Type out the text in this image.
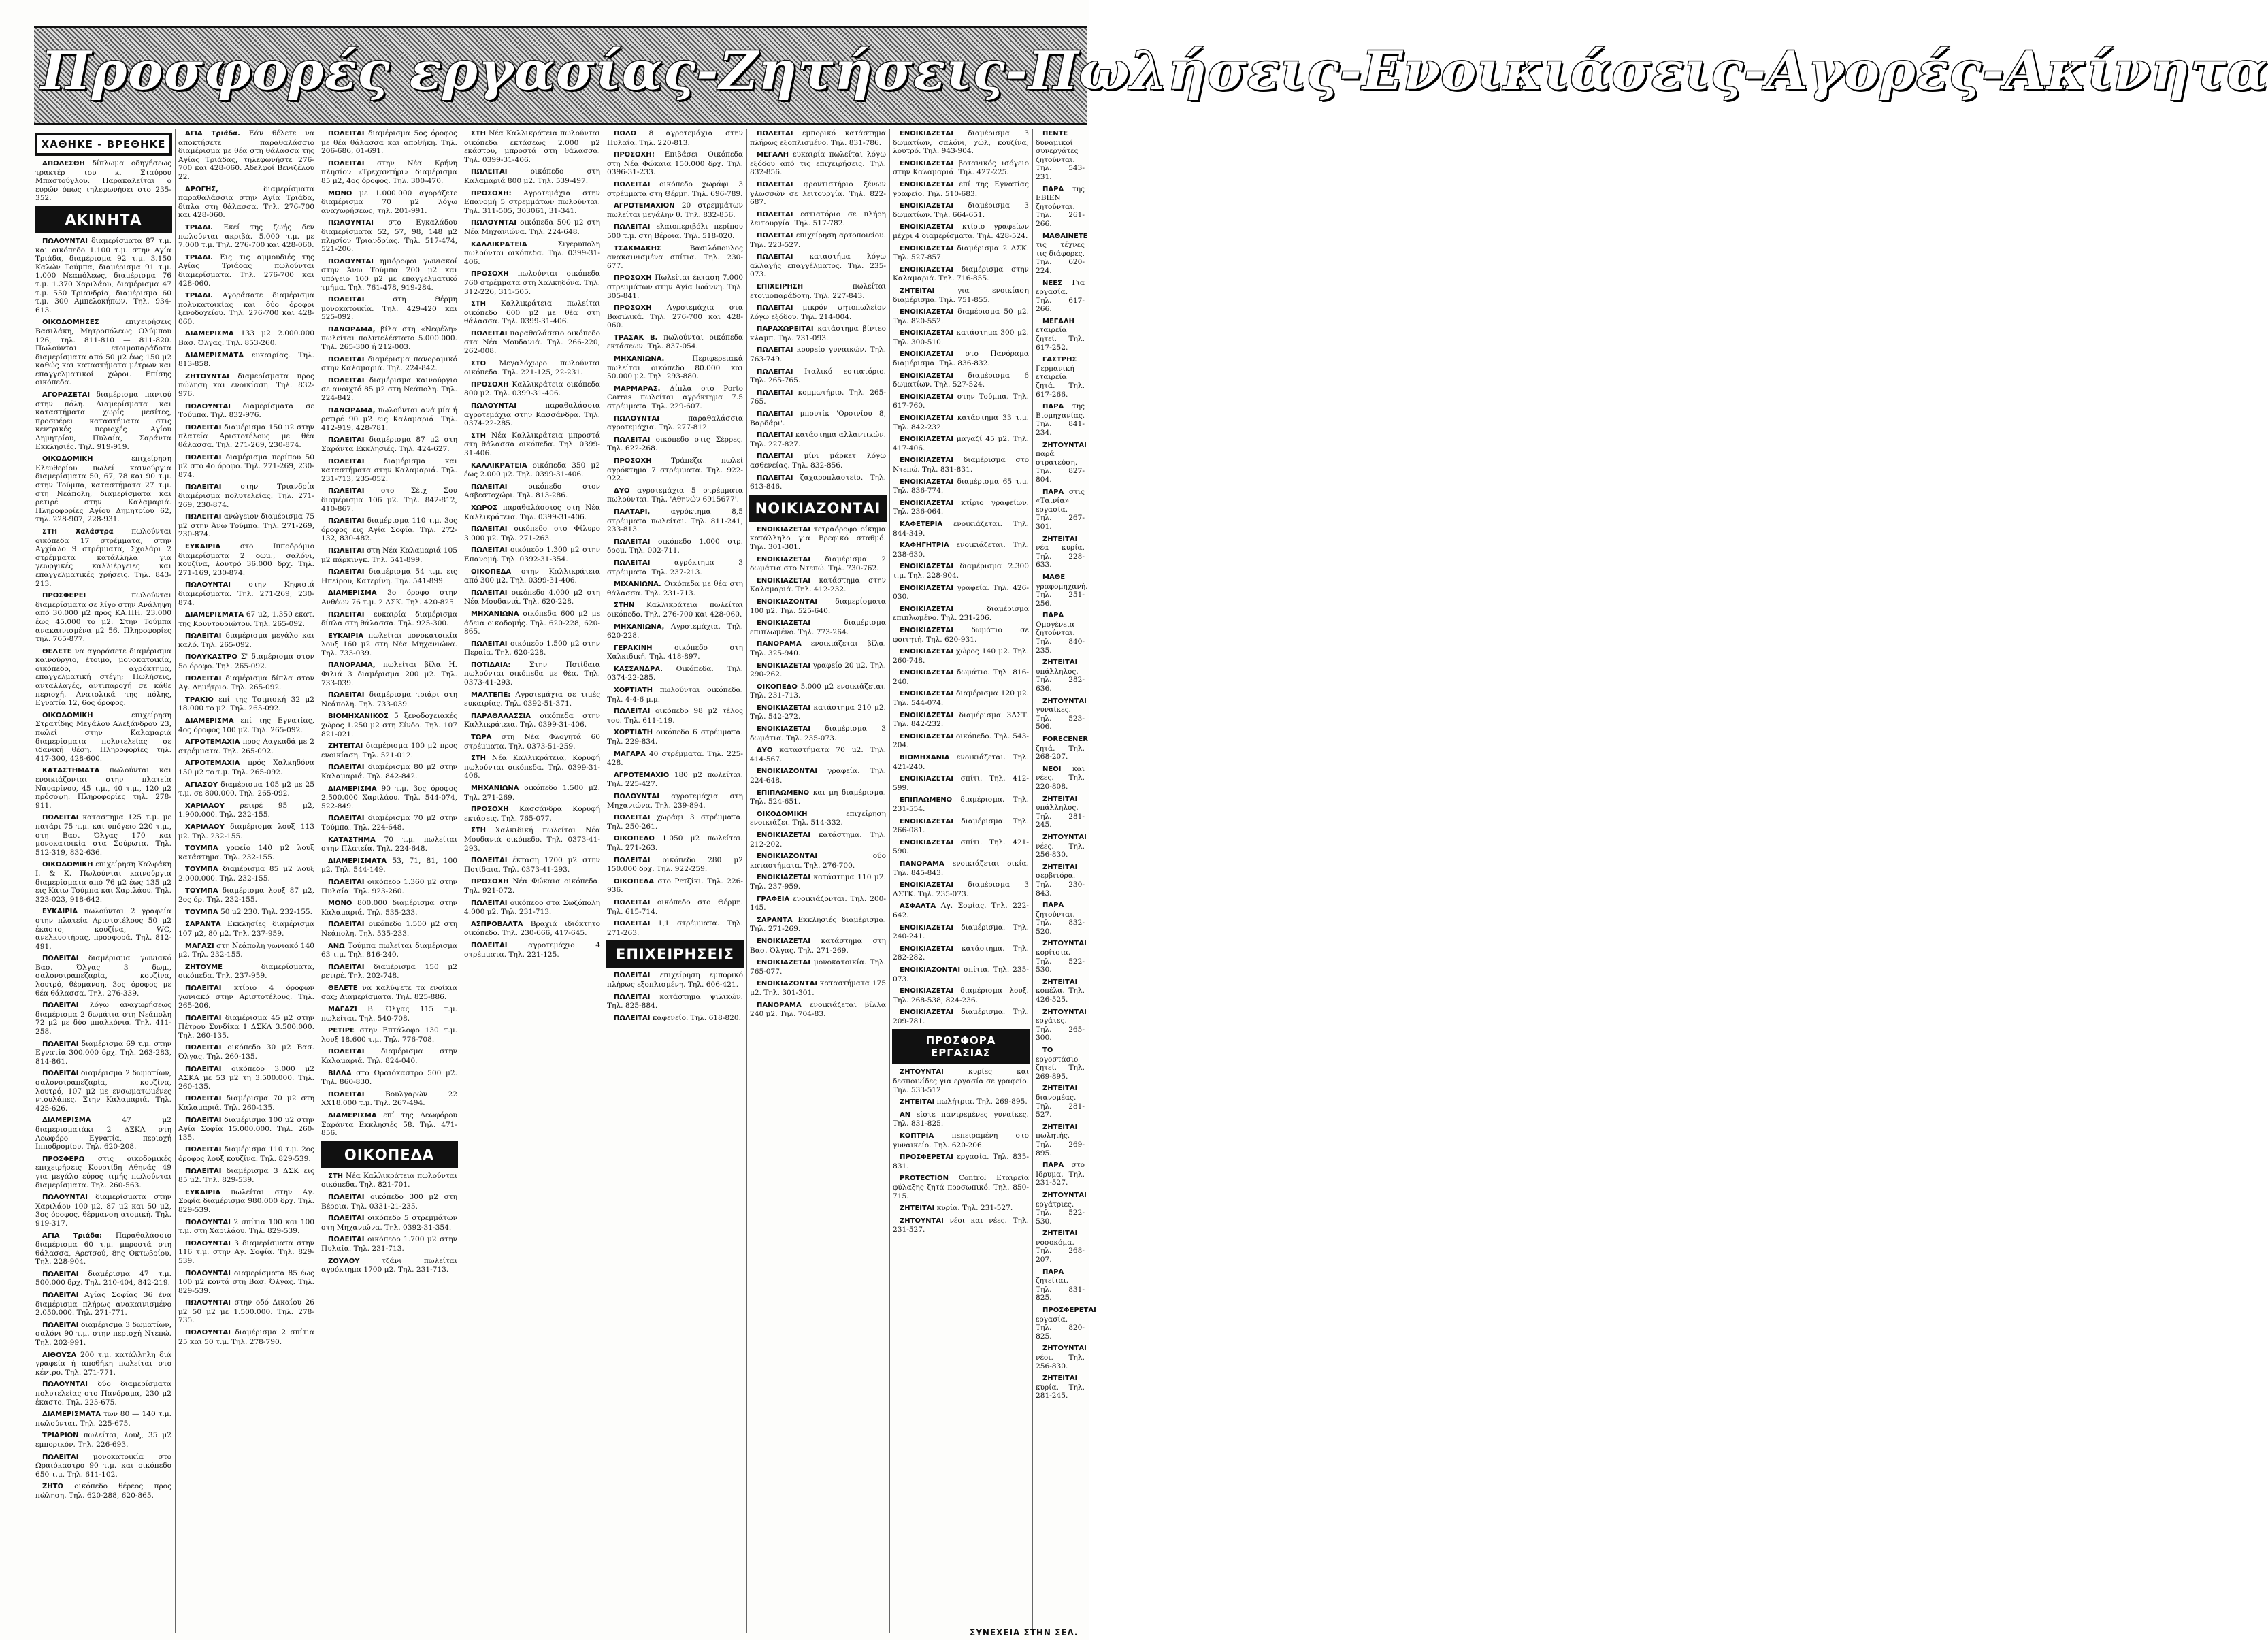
Προσφορές εργασίας-Ζητήσεις-Πωλήσεις-Ενοικιάσεις-Αγορές-Ακίνητα
ΧΑΘΗΚΕ - ΒΡΕΘΗΚΕ

ΑΠΩΛΕΣΘΗ δίπλωμα οδηγήσεως τρακτέρ του κ. Σταύρου Μπαστούγλου. Παρακαλείται ο ευρών όπως τηλεφωνήσει στο 235-352.

ΑΚΙΝΗΤΑ

ΠΩΛΟΥΝΤΑΙ διαμερίσματα 87 τ.μ. και οικόπεδο 1.100 τ.μ. στην Αγία Τριάδα, διαμέρισμα 92 τ.μ. 3.150 Καλών Τούμπα, διαμέρισμα 91 τ.μ. 1.000 Νεαπόλεως, διαμέρισμα 76 τ.μ. 1.370 Χαριλάου, διαμέρισμα 47 τ.μ. 550 Τριανδρία, διαμέρισμα 60 τ.μ. 300 Αμπελοκήπων. Τηλ. 934-613.

ΟΙΚΟΔΟΜΗΣΕΣ	επιχειρήσεις Βασιλάκη, Μητροπόλεως Ολύμπου 126, τηλ. 811-810 — 811-820. Πωλούνται ετοιμοπαράδοτα διαμερίσματα από 50 μ2 έως 150 μ2 καθώς και καταστήματα μέτρων και επαγγελματικοί χώροι. Επίσης οικόπεδα.

ΑΓΟΡΑΖΕΤΑΙ διαμέρισμα παντού στην πόλη. Διαμερίσματα και καταστήματα χωρίς μεσίτες, προσφέρει καταστήματα στις κεντρικές περιοχές Αγίου Δημητρίου, Πυλαία, Σαράντα Εκκλησιές. Τηλ. 919-919.

ΟΙΚΟΔΟΜΙΚΗ	επιχείρηση Ελευθερίου πωλεί καινούργια διαμερίσματα 50, 67, 78 και 90 τ.μ. στην Τούμπα, καταστήματα 27 τ.μ. στη Νεάπολη, διαμερίσματα και ρετιρέ στην Καλαμαριά. Πληροφορίες Αγίου Δημητρίου 62, τηλ. 228-907, 228-931.

ΣΤΗ Χαλάστρα	πωλούνται οικόπεδα 17 στρέμματα, στην Αγχίαλο 9 στρέμματα, Σχολάρι 2 στρέμματα κατάλληλα για γεωργικές καλλιέργειες και επαγγελματικές χρήσεις. Τηλ. 843-213.

ΠΡΟΣΦΕΡΕΙ	πωλούνται διαμερίσματα σε λίγο στην Ανάληψη από 30.000 μ2 προς ΚΑ.ΠΗ. 23.000 έως 45.000 το μ2. Στην Τούμπα ανακαινισμένα μ2 56. Πληροφορίες τηλ. 765-877.

ΘΕΛΕΤΕ να αγοράσετε διαμέρισμα καινούργιο, έτοιμο, μονοκατοικία, οικόπεδο, αγρόκτημα, επαγγελματική στέγη; Πωλήσεις, ανταλλαγές, αντιπαροχή σε κάθε περιοχή. Ανατολικά της πόλης, Εγνατία 12, 6ος όροφος.

ΟΙΚΟΔΟΜΙΚΗ	επιχείρηση Στρατίδης Μεγάλου Αλεξάνδρου 23, πωλεί στην Καλαμαριά διαμερίσματα πολυτελείας σε ιδανική θέση. Πληροφορίες τηλ. 417-300, 428-600.

ΚΑΤΑΣΤΗΜΑΤΑ πωλούνται και ενοικιάζονται στην πλατεία Ναυαρίνου, 45 τ.μ., 40 τ.μ., 120 μ2 πρόσοψη. Πληροφορίες τηλ. 278-911.

ΠΩΛΕΙΤΑΙ καταστημα 125 τ.μ. με πατάρι 75 τ.μ. και υπόγειο 220 τ.μ., στη Βασ. Όλγας 170 και μονοκατοικία στα Σούρωτα. Τηλ. 512-319, 832-636.

ΟΙΚΟΔΟΜΙΚΗ επιχείρηση Καλφάκη Ι. & Κ. Πωλούνται καινούργια διαμερίσματα από 76 μ2 έως 135 μ2 εις Κάτω Τούμπα και Χαριλάου. Τηλ. 323-023, 918-642.

ΕΥΚΑΙΡΙΑ πωλούνται 2 γραφεία στην πλατεία Αριστοτέλους 50 μ2 έκαστο, κουζίνα, WC, ανελκυστήρας, προσφορά. Τηλ. 812-491.

ΠΩΛΕΙΤΑΙ διαμέρισμα γωνιακό Βασ. Όλγας 3 δωμ., σαλονοτραπεζαρία, κουζίνα, λουτρό, θέρμανση, 3ος όροφος με θέα θάλασσα. Τηλ. 276-339.

ΠΩΛΕΙΤΑΙ λόγω αναχωρήσεως διαμέρισμα 2 δωμάτια στη Νεάπολη 72 μ2 με δύο μπαλκόνια. Τηλ. 411-258.

ΠΩΛΕΙΤΑΙ διαμέρισμα 69 τ.μ. στην Εγνατία 300.000 δρχ. Τηλ. 263-283, 814-861.

ΠΩΛΕΙΤΑΙ διαμέρισμα 2 δωματίων, σαλονοτραπεζαρία, κουζίνα, λουτρό, 107 μ2 με ενσωματωμένες ντουλάπες. Στην Καλαμαριά. Τηλ. 425-626.

ΔΙΑΜΕΡΙΣΜΑ	47 μ2 διαμερισματάκι 2 ΔΣΚΛ στη Λεωφόρο Εγνατία, περιοχή Ιπποδρομίου. Τηλ. 620-208.

ΠΡΟΣΦΕΡΩ στις οικοδομικές επιχειρήσεις Κουρτίδη Αθηνάς 49 για μεγάλο εύρος τιμής πωλούνται διαμερίσματα. Τηλ. 260-563.

ΠΩΛΟΥΝΤΑΙ διαμερίσματα στην Χαριλάου 100 μ2, 87 μ2 και 50 μ2, 3ος όροφος, θέρμανση ατομική. Τηλ. 919-317.

ΑΓΙΑ Τριάδα: Παραθαλάσσιο διαμέρισμα 60 τ.μ. μπροστά στη θάλασσα, Αρετσού, 8ης Οκτωβρίου. Τηλ. 228-904.

ΠΩΛΕΙΤΑΙ διαμέρισμα 47 τ.μ. 500.000 δρχ. Τηλ. 210-404, 842-219.

ΠΩΛΕΙΤΑΙ Αγίας Σοφίας 36 ένα διαμέρισμα πλήρως ανακαινισμένο 2.050.000. Τηλ. 271-771.

ΠΩΛΕΙΤΑΙ διαμέρισμα 3 δωματίων, σαλόνι 90 τ.μ. στην περιοχή Ντεπώ. Τηλ. 202-991.

ΑΙΘΟΥΣΑ 200 τ.μ. κατάλληλη διά γραφεία ή αποθήκη πωλείται στο κέντρο. Τηλ. 271-771.

ΠΩΛΟΥΝΤΑΙ δύο διαμερίσματα πολυτελείας στο Πανόραμα, 230 μ2 έκαστο. Τηλ. 225-675.

ΔΙΑΜΕΡΙΣΜΑΤΑ των 80 — 140 τ.μ. πωλούνται. Τηλ. 225-675.

ΤΡΙΑΡΙΟΝ πωλείται, λουξ, 35 μ2 εμπορικόν. Τηλ. 226-693.

ΠΩΛΕΙΤΑΙ μονοκατοικία στο Ωραιόκαστρο 90 τ.μ. και οικόπεδο 650 τ.μ. Τηλ. 611-102.

ΖΗΤΩ οικόπεδο θέρεος προς πώληση. Τηλ. 620-288, 620-865.

ΑΓΙΑ Τριάδα. Εάν θέλετε να αποκτήσετε παραθαλάσσιο διαμέρισμα με θέα στη θάλασσα της Αγίας Τριάδας, τηλεφωνήστε 276-700 και 428-060. Αδελφοί Βενιζέλου 22.

ΑΡΩΓΗΣ,	διαμερίσματα παραθαλάσσια στην Αγία Τριάδα, δίπλα στη θάλασσα. Τηλ. 276-700 και 428-060.

ΤΡΙΑΔΙ. Εκεί της ζωής δεν πωλούνται ακριβά. 5.000 τ.μ. με 7.000 τ.μ. Τηλ. 276-700 και 428-060.

ΤΡΙΑΔΙ. Εις τις αμμουδιές της Αγίας Τριάδας πωλούνται διαμερίσματα. Τηλ. 276-700 και 428-060.

ΤΡΙΑΔΙ. Αγοράσατε διαμέρισμα πολυκατοικίας και δύο όροφοι ξενοδοχείου. Τηλ. 276-700 και 428-060.

ΔΙΑΜΕΡΙΣΜΑ 133 μ2 2.000.000 Βασ. Όλγας. Τηλ. 853-260.

ΔΙΑΜΕΡΙΣΜΑΤΑ ευκαιρίας. Τηλ. 813-858.

ΖΗΤΟΥΝΤΑΙ διαμερίσματα προς πώληση και ενοικίαση. Τηλ. 832-976.

ΠΩΛΟΥΝΤΑΙ διαμερίσματα σε Τούμπα. Τηλ. 832-976.

ΠΩΛΕΙΤΑΙ διαμέρισμα 150 μ2 στην πλατεία Αριστοτέλους με θέα θάλασσα. Τηλ. 271-269, 230-874.

ΠΩΛΕΙΤΑΙ διαμέρισμα περίπου 50 μ2 στο 4ο όροφο. Τηλ. 271-269, 230-874.

ΠΩΛΕΙΤΑΙ	στην Τριανδρία διαμέρισμα πολυτελείας. Τηλ. 271-269, 230-874.

ΠΩΛΕΙΤΑΙ ανώγειον διαμέρισμα 75 μ2 στην Άνω Τούμπα. Τηλ. 271-269, 230-874.

ΕΥΚΑΙΡΙΑ	στο Ιπποδρόμιο διαμερίσματα 2 δωμ., σαλόνι, κουζίνα, λουτρό 36.000 δρχ. Τηλ. 271-169, 230-874.

ΠΩΛΟΥΝΤΑΙ στην Κηφισιά διαμερίσματα. Τηλ. 271-269, 230-874.

ΔΙΑΜΕΡΙΣΜΑΤΑ 67 μ2, 1.350 εκατ. της Κουντουριώτου. Τηλ. 265-092.

ΠΩΛΕΙΤΑΙ διαμέρισμα μεγάλο και καλό. Τηλ. 265-092.

ΠΟΛΥΚΑΣΤΡΟ Σ' διαμέρισμα στον 5ο όροφο. Τηλ. 265-092.

ΠΩΛΕΙΤΑΙ διαμέρισμα δίπλα στον Αγ. Δημήτριο. Τηλ. 265-092.

ΤΡΑΚΙΟ επί της Τσιμισκή 32 μ2 18.000 το μ2. Τηλ. 265-092.

ΔΙΑΜΕΡΙΣΜΑ επί της Εγνατίας, 4ος όροφος 100 μ2. Τηλ. 265-092.

ΑΓΡΟΤΕΜΑΧΙΑ προς Λαγκαδά με 2 στρέμματα. Τηλ. 265-092.

ΑΓΡΟΤΕΜΑΧΙΑ πρός Χαλκηδόνα 150 μ2 το τ.μ. Τηλ. 265-092.

ΑΓΙΑΣΟΥ διαμέρισμα 105 μ2 με 25 τ.μ. σε 800.000. Τηλ. 265-092.

ΧΑΡΙΛΑΟΥ ρετιρέ 95 μ2, 1.900.000. Τηλ. 232-155.

ΧΑΡΙΛΑΟΥ διαμέρισμα λουξ 113 μ2. Τηλ. 232-155.

ΤΟΥΜΠΑ γρφείο 140 μ2 λουξ κατάστημα. Τηλ. 232-155.

ΤΟΥΜΠΑ διαμέρισμα 85 μ2 λουξ 2.000.000. Τηλ. 232-155.

ΤΟΥΜΠΑ διαμέρισμα λουξ 87 μ2, 2ος όρ. Τηλ. 232-155.

ΤΟΥΜΠΑ 50 μ2 230. Τηλ. 232-155.

ΣΑΡΑΝΤΑ Εκκλησίες διαμέρισμα 107 μ2, 80 μ2. Τηλ. 237-959.

ΜΑΓΑΖΙ στη Νεάπολη γωνιακό 140 μ2. Τηλ. 232-155.

ΖΗΤΟΥΜΕ	διαμερίσματα, οικόπεδα. Τηλ. 237-959.

ΠΩΛΕΙΤΑΙ κτίριο 4 όροφων γωνιακό στην Αριστοτέλους. Τηλ. 265-206.

ΠΩΛΕΙΤΑΙ διαμέρισμα 45 μ2 στην Πέτρου Συνδίκα 1 ΔΣΚΛ 3.500.000. Τηλ. 260-135.

ΠΩΛΕΙΤΑΙ οικόπεδο 30 μ2 Βασ. Όλγας. Τηλ. 260-135.

ΠΩΛΕΙΤΑΙ οικόπεδο 3.000 μ2 ΑΣΚΑ με 53 μ2 τη 3.500.000. Τηλ. 260-135.

ΠΩΛΕΙΤΑΙ διαμέρισμα 70 μ2 στη Καλαμαριά. Τηλ. 260-135.

ΠΩΛΕΙΤΑΙ διαμέρισμα 100 μ2 στην Αγία Σοφία 15.000.000. Τηλ. 260-135.

ΠΩΛΕΙΤΑΙ διαμέρισμα 110 τ.μ. 2ος όροφος λουξ κουζίνα. Τηλ. 829-539.

ΠΩΛΕΙΤΑΙ διαμέρισμα 3 ΔΣΚ εις 85 μ2. Τηλ. 829-539.

ΕΥΚΑΙΡΙΑ πωλείται στην Αγ. Σοφία διαμέρισμα 980.000 δρχ. Τηλ. 829-539.

ΠΩΛΟΥΝΤΑΙ 2 σπίτια 100 και 100 τ.μ. στη Χαριλάου. Τηλ. 829-539.

ΠΩΛΟΥΝΤΑΙ 3 διαμερίσματα στην 116 τ.μ. στην Αγ. Σοφία. Τηλ. 829-539.

ΠΩΛΟΥΝΤΑΙ διαμερίσματα 85 έως 100 μ2 κοντά στη Βασ. Όλγας. Τηλ. 829-539.

ΠΩΛΟΥΝΤΑΙ στην οδό Δικαίου 26 μ2 50 μ2 με 1.500.000. Τηλ. 278-735.

ΠΩΛΟΥΝΤΑΙ διαμέρισμα 2 σπίτια 25 και 50 τ.μ. Τηλ. 278-790.

ΠΩΛΕΙΤΑΙ διαμέρισμα 5ος όροφος με θέα θάλασσα και αποθήκη. Τηλ. 206-686, 01-691.

ΠΩΛΕΙΤΑΙ στην Νέα Κρήνη πλησίον «Τρεχαντήρι» διαμέρισμα 85 μ2, 4ος όροφος. Τηλ. 300-470.

ΜΟΝΟ με 1.000.000 αγοράζετε διαμέρισμα 70 μ2 λόγω αναχωρήσεως, τηλ. 201-991.

ΠΩΛΟΥΝΤΑΙ στο Εγκαλάδου διαμερίσματα 52, 57, 98, 148 μ2 πλησίον Τριανδρίας. Τηλ. 517-474, 521-206.

ΠΩΛΟΥΝΤΑΙ ημιόροφοι γωνιακοί στην Άνω Τούμπα 200 μ2 και υπόγειο 100 μ2 με επαγγελματικό τμήμα. Τηλ. 761-478, 919-284.

ΠΩΛΕΙΤΑΙ	στη Θέρμη μονοκατοικία. Τηλ. 429-420 και 525-092.

ΠΑΝΟΡΑΜΑ, βίλα στη «Νεφέλη» πωλείται πολυτελέστατο 5.000.000. Τηλ. 265-300 ή 212-003.

ΠΩΛΕΙΤΑΙ διαμέρισμα πανοραμικό στην Καλαμαριά. Τηλ. 224-842.

ΠΩΛΕΙΤΑΙ διαμέρισμα καινούργιο σε ανοιχτό 85 μ2 στη Νεάπολη. Τηλ. 224-842.

ΠΑΝΟΡΑΜΑ, πωλούνται ανά μία ή ρετιρέ 90 μ2 εις Καλαμαριά. Τηλ. 412-919, 428-781.

ΠΩΛΕΙΤΑΙ διαμέρισμα 87 μ2 στη Σαράντα Εκκλησιές. Τηλ. 424-627.

ΠΩΛΕΙΤΑΙ	διαμέρισμα και καταστήματα στην Καλαμαριά. Τηλ. 231-713, 235-052.

ΠΩΛΕΙΤΑΙ στο Σέιχ Σου διαμέρισμα 106 μ2. Τηλ. 842-812, 410-867.

ΠΩΛΕΙΤΑΙ διαμέρισμα 110 τ.μ. 3ος όροφος εις Αγία Σοφία. Τηλ. 272-132, 830-482.

ΠΩΛΕΙΤΑΙ στη Νέα Καλαμαριά 105 μ2 πάρκινγκ. Τηλ. 541-899.

ΠΩΛΕΙΤΑΙ διαμέρισμα 54 τ.μ. εις Ηπείρου, Κατερίνη. Τηλ. 541-899.

ΔΙΑΜΕΡΙΣΜΑ 3ο όροφο στην Ανθέων 76 τ.μ. 2 ΔΣΚ. Τηλ. 420-825.

ΠΩΛΕΙΤΑΙ ευκαιρία διαμέρισμα δίπλα στη θάλασσα. Τηλ. 925-300.

ΕΥΚΑΙΡΙΑ πωλείται μονοκατοικία λουξ 160 μ2 στη Νέα Μηχανιώνα. Τηλ. 733-039.

ΠΑΝΟΡΑΜΑ, πωλείται βίλα Η. Φιλιά 3 διαμέρισμα 200 μ2. Τηλ. 733-039.

ΠΩΛΕΙΤΑΙ διαμέρισμα τριάρι στη Νεάπολη. Τηλ. 733-039.

ΒΙΟΜΗΧΑΝΙΚΟΣ 5 ξενοδοχειακές χώρος 1.250 μ2 στη Σίνδο. Τηλ. 107 821-021.

ΖΗΤΕΙΤΑΙ διαμέρισμα 100 μ2 προς ενοικίαση. Τηλ. 521-012.

ΠΩΛΕΙΤΑΙ διαμέρισμα 80 μ2 στην Καλαμαριά. Τηλ. 842-842.

ΔΙΑΜΕΡΙΣΜΑ 90 τ.μ. 3ος όροφος 2.500.000 Χαριλάου. Τηλ. 544-074, 522-849.

ΠΩΛΕΙΤΑΙ διαμέρισμα 70 μ2 στην Τούμπα. Τηλ. 224-648.

ΚΑΤΑΣΤΗΜΑ 70 τ.μ. πωλείται στην Πλατεία. Τηλ. 224-648.

ΔΙΑΜΕΡΙΣΜΑΤΑ 53, 71, 81, 100 μ2. Τηλ. 544-149.

ΠΩΛΕΙΤΑΙ οικόπεδο 1.360 μ2 στην Πυλαία. Τηλ. 923-260.

ΜΟΝΟ 800.000 διαμέρισμα στην Καλαμαριά. Τηλ. 535-233.

ΠΩΛΕΙΤΑΙ οικόπεδο 1.500 μ2 στη Νεάπολη. Τηλ. 535-233.

ΑΝΩ Τούμπα πωλείται διαμέρισμα 63 τ.μ. Τηλ. 816-240.

ΠΩΛΕΙΤΑΙ διαμέρισμα 150 μ2 ρετιρέ. Τηλ. 202-748.

ΘΕΛΕΤΕ να καλύψετε τα ενοίκια σας; Διαμερίσματα. Τηλ. 825-886.

ΜΑΓΑΖΙ Β. Όλγας 115 τ.μ. πωλείται. Τηλ. 540-708.

ΡΕΤΙΡΕ στην Επτάλοφο 130 τ.μ. λουξ 18.600 τ.μ. Τηλ. 776-708.

ΠΩΛΕΙΤΑΙ διαμέρισμα στην Καλαμαριά. Τηλ. 824-040.

ΒΙΛΛΑ στο Ωραιόκαστρο 500 μ2. Τηλ. 860-830.

ΠΩΛΕΙΤΑΙ	Βουλγαρών 22 ΧΧ18.000 τ.μ. Τηλ. 267-494.

ΔΙΑΜΕΡΙΣΜΑ επί της Λεωφόρου Σαράντα Εκκλησιές 58. Τηλ. 471-856.

ΟΙΚΟΠΕΔΑ

ΣΤΗ Νέα Καλλικράτεια πωλούνται οικόπεδα. Τηλ. 821-701.

ΠΩΛΕΙΤΑΙ οικόπεδο 300 μ2 στη Βέροια. Τηλ. 0331-21-235.

ΠΩΛΕΙΤΑΙ οικόπεδο 5 στρεμμάτων στη Μηχανιώνα. Τηλ. 0392-31-354.

ΠΩΛΕΙΤΑΙ οικόπεδο 1.700 μ2 στην Πυλαία. Τηλ. 231-713.

ΖΟΥΛΟΥ	τζάνι πωλείται αγρόκτημα 1700 μ2. Τηλ. 231-713.

ΣΤΗ Νέα Καλλικράτεια πωλούνται οικόπεδα εκτάσεως 2.000 μ2 εκάστου, μπροστά στη θάλασσα. Τηλ. 0399-31-406.

ΠΩΛΕΙΤΑΙ	οικόπεδο στη Καλαμαριά 800 μ2. Τηλ. 539-497.

ΠΡΟΣΟΧΗ: Αγροτεμάχια στην Επανομή 5 στρεμμάτων πωλούνται. Τηλ. 311-505, 303061, 31-341.

ΠΩΛΟΥΝΤΑΙ οικόπεδα 500 μ2 στη Νέα Μηχανιώνα. Τηλ. 224-648.

ΚΑΛΛΙΚΡΑΤΕΙΑ	Σιγερυπολη πωλούνται οικόπεδα. Τηλ. 0399-31-406.

ΠΡΟΣΟΧΗ πωλούνται οικόπεδα 760 στρέμματα στη Χαλκηδόνα. Τηλ. 312-226, 311-505.

ΣΤΗ Καλλικράτεια πωλείται οικόπεδο 600 μ2 με θέα στη θάλασσα. Τηλ. 0399-31-406.

ΠΩΛΕΙΤΑΙ παραθαλάσσιο οικόπεδο στα Νέα Μουδανιά. Τηλ. 266-220, 262-008.

ΣΤΟ Μεγαλόχωρο πωλούνται οικόπεδα. Τηλ. 221-125, 22-231.

ΠΡΟΣΟΧΗ Καλλικράτεια οικόπεδα 800 μ2. Τηλ. 0399-31-406.

ΠΩΛΟΥΝΤΑΙ	παραθαλάσσια αγροτεμάχια στην Κασσάνδρα. Τηλ. 0374-22-285.

ΣΤΗ Νέα Καλλικράτεια μπροστά στη θάλασσα οικόπεδα. Τηλ. 0399-31-406.

ΚΑΛΛΙΚΡΑΤΕΙΑ οικόπεδα 350 μ2 έως 2.000 μ2. Τηλ. 0399-31-406.

ΠΩΛΕΙΤΑΙ	οικόπεδο στον Ασβεστοχώρι. Τηλ. 813-286.

ΧΩΡΟΣ παραθαλάσσιος στη Νέα Καλλικράτεια. Τηλ. 0399-31-406.

ΠΩΛΕΙΤΑΙ οικόπεδο στο Φίλυρο 3.000 μ2. Τηλ. 271-263.

ΠΩΛΕΙΤΑΙ οικόπεδο 1.300 μ2 στην Επανομή. Τηλ. 0392-31-354.

ΟΙΚΟΠΕΔΑ στην Καλλικράτεια από 300 μ2. Τηλ. 0399-31-406.

ΠΩΛΕΙΤΑΙ οικόπεδο 4.000 μ2 στη Νέα Μουδανιά. Τηλ. 620-228.

ΜΗΧΑΝΙΩΝΑ οικόπεδα 600 μ2 με άδεια οικοδομής. Τηλ. 620-228, 620-865.

ΠΩΛΕΙΤΑΙ οικόπεδο 1.500 μ2 στην Περαία. Τηλ. 620-228.

ΠΟΤΙΔΑΙΑ:	Στην Ποτίδαια πωλούνται οικόπεδα με θέα. Τηλ. 0373-41-293.

ΜΑΛΤΕΠΕ: Αγροτεμάχια σε τιμές ευκαιρίας. Τηλ. 0392-51-371.

ΠΑΡΑΘΑΛΑΣΣΙΑ οικόπεδα στην Καλλικράτεια. Τηλ. 0399-31-406.

ΤΩΡΑ στη Νέα Φλογητά 60 στρέμματα. Τηλ. 0373-51-259.

ΣΤΗ Νέα Καλλικράτεια, Κορυφή πωλούνται οικόπεδα. Τηλ. 0399-31-406.

ΜΗΧΑΝΙΩΝΑ οικόπεδο 1.500 μ2. Τηλ. 271-269.

ΠΡΟΣΟΧΗ Κασσάνδρα Κορυφή εκτάσεις. Τηλ. 765-077.

ΣΤΗ Χαλκιδική πωλείται Νέα Μουδανιά οικόπεδο. Τηλ. 0373-41-293.

ΠΩΛΕΙΤΑΙ έκταση 1700 μ2 στην Ποτίδαια. Τηλ. 0373-41-293.

ΠΡΟΣΟΧΗ Νέα Φώκαια οικόπεδα. Τηλ. 921-072.

ΠΩΛΕΙΤΑΙ οικόπεδο στα Σωζόπολη 4.000 μ2. Τηλ. 231-713.

ΑΣΠΡΟΒΑΛΤΑ Βραχιά ιδιόκτητο οικόπεδο. Τηλ. 230-666, 417-645.

ΠΩΛΕΙΤΑΙ	αγροτεμάχιο 4 στρέμματα. Τηλ. 221-125.

ΠΩΛΩ 8 αγροτεμάχια στην Πυλαία. Τηλ. 220-813.

ΠΡΟΣΟΧΗ! Επιβάσει Οικόπεδα στη Νέα Φώκαια 150.000 δρχ. Τηλ. 0396-31-233.

ΠΩΛΕΙΤΑΙ οικόπεδο χωράφι 3 στρέμματα στη Θέρμη. Τηλ. 696-789.

ΑΓΡΟΤΕΜΑΧΙΟΝ 20 στρεμμάτων πωλείται μεγάλην θ. Τηλ. 832-856.

ΠΩΛΕΙΤΑΙ ελαιοπεριβόλι περίπου 500 τ.μ. στη Βέροια. Τηλ. 518-020.

ΤΣΑΚΜΑΚΗΣ	Βασιλόπουλος ανακαινισμένα σπίτια. Τηλ. 230-677.

ΠΡΟΣΟΧΗ Πωλείται έκταση 7.000 στρεμμάτων στην Αγία Ιωάννη. Τηλ. 305-841.

ΠΡΟΣΟΧΗ Αγροτεμάχια στα Βασιλικά. Τηλ. 276-700 και 428-060.

ΤΡΑΣΑΚ Β. πωλούνται οικόπεδα εκτάσεων. Τηλ. 837-054.

ΜΗΧΑΝΙΩΝΑ.	Περιφερειακά πωλείται οικόπεδο 80.000 και 50.000 μ2. Τηλ. 293-880.

ΜΑΡΜΑΡΑΣ. Δίπλα στο Porto Carras πωλείται αγρόκτημα 7.5 στρέμματα. Τηλ. 229-607.

ΠΩΛΟΥΝΤΑΙ	παραθαλάσσια αγροτεμάχια. Τηλ. 277-812.

ΠΩΛΕΙΤΑΙ οικόπεδο στις Σέρρες. Τηλ. 622-268.

ΠΡΟΣΟΧΗ	Τράπεζα πωλεί αγρόκτημα 7 στρέμματα. Τηλ. 922-922.

ΔΥΟ αγροτεμάχια 5 στρέμματα πωλούνται. Τηλ. 'Αθηνών 6915677'.

ΠΑΛΤΑΡΙ,	αγρόκτημα 8,5 στρέμματα πωλείται. Τηλ. 811-241, 233-813.

ΠΩΛΕΙΤΑΙ οικόπεδο 1.000 στρ. δρομ. Τηλ. 002-711.

ΠΩΛΕΙΤΑΙ	αγρόκτημα 3 στρέμματα. Τηλ. 237-213.

ΜΙΧΑΝΙΩΝΑ. Οικόπεδα με θέα στη θάλασσα. Τηλ. 231-713.

ΣΤΗΝ Καλλικράτεια πωλείται οικόπεδο. Τηλ. 276-700 και 428-060.

ΜΗΧΑΝΙΩΝΑ, Αγροτεμάχια. Τηλ. 620-228.

ΓΕΡΑΚΙΝΗ	οικόπεδο στη Χαλκιδική. Τηλ. 418-897.

ΚΑΣΣΑΝΔΡΑ. Οικόπεδα. Τηλ. 0374-22-285.

ΧΟΡΤΙΑΤΗ πωλούνται οικόπεδα. Τηλ. 4-4-6 μ.μ.

ΠΩΛΕΙΤΑΙ οικόπεδο 98 μ2 τέλος του. Τηλ. 611-119.

ΧΟΡΤΙΑΤΗ οικόπεδο 6 στρέμματα. Τηλ. 229-834.

ΜΑΓΑΡΑ 40 στρέμματα. Τηλ. 225-428.

ΑΓΡΟΤΕΜΑΧΙΟ 180 μ2 πωλείται. Τηλ. 225-427.

ΠΩΛΟΥΝΤΑΙ αγροτεμάχια στη Μηχανιώνα. Τηλ. 239-894.

ΠΩΛΕΙΤΑΙ χωράφι 3 στρέμματα. Τηλ. 250-261.

ΟΙΚΟΠΕΔΟ 1.050 μ2 πωλείται. Τηλ. 271-263.

ΠΩΛΕΙΤΑΙ οικόπεδο 280 μ2 150.000 δρχ. Τηλ. 922-259.

ΟΙΚΟΠΕΔΑ στο Ρετζίκι. Τηλ. 226-936.

ΠΩΛΕΙΤΑΙ οικόπεδο στο Θέρμη. Τηλ. 615-714.

ΠΩΛΕΙΤΑΙ 1,1 στρέμματα. Τηλ. 271-263.

ΕΠΙΧΕΙΡΗΣΕΙΣ

ΠΩΛΕΙΤΑΙ επιχείρηση εμπορικό πλήρως εξοπλισμένη. Τηλ. 606-421.

ΠΩΛΕΙΤΑΙ κατάστημα ψιλικών. Τηλ. 825-884.

ΠΩΛΕΙΤΑΙ καφενείο. Τηλ. 618-820.

ΠΩΛΕΙΤΑΙ εμπορικό κατάστημα πλήρως εξοπλισμένο. Τηλ. 831-786.

ΜΕΓΑΛΗ ευκαιρία πωλείται λόγω εξόδου από τις επιχειρήσεις. Τηλ. 832-856.

ΠΩΛΕΙΤΑΙ φροντιστήριο ξένων γλωσσών σε λειτουργία. Τηλ. 822-687.

ΠΩΛΕΙΤΑΙ εστιατόριο σε πλήρη λειτουργία. Τηλ. 517-782.

ΠΩΛΕΙΤΑΙ επιχείρηση αρτοποιείου. Τηλ. 223-527.

ΠΩΛΕΙΤΑΙ καταστήμα λόγω αλλαγής επαγγέλματος. Τηλ. 235-073.

ΕΠΙΧΕΙΡΗΣΗ	πωλείται ετοιμοπαράδοτη. Τηλ. 227-843.

ΠΩΛΕΙΤΑΙ μικρόν ψητοπωλείον λόγω εξόδου. Τηλ. 214-004.

ΠΑΡΑΧΩΡΕΙΤΑΙ κατάστημα βίντεο κλαμπ. Τηλ. 731-093.

ΠΩΛΕΙΤΑΙ κουρείο γυναικών. Τηλ. 763-749.

ΠΩΛΕΙΤΑΙ Ιταλικό εστιατόριο. Τηλ. 265-765.

ΠΩΛΕΙΤΑΙ κομμωτήριο. Τηλ. 265-765.

ΠΩΛΕΙΤΑΙ μπουτίκ 'Ορσινίου 8, Βαρδάρι'.

ΠΩΛΕΙΤΑΙ κατάστημα αλλαντικών. Τηλ. 227-827.

ΠΩΛΕΙΤΑΙ μίνι μάρκετ λόγω ασθενείας. Τηλ. 832-856.

ΠΩΛΕΙΤΑΙ ζαχαροπλαστείο. Τηλ. 613-846.

ΝΟΙΚΙΑΖΟΝΤΑΙ

ΕΝΟΙΚΙΑΖΕΤΑΙ τετραόροφο οίκημα κατάλληλο για Βρεφικό σταθμό. Τηλ. 301-301.

ΕΝΟΙΚΙΑΖΕΤΑΙ διαμέρισμα 2 δωμάτια στο Ντεπώ. Τηλ. 730-762.

ΕΝΟΙΚΙΑΖΕΤΑΙ κατάστημα στην Καλαμαριά. Τηλ. 412-232.

ΕΝΟΙΚΙΑΖΟΝΤΑΙ διαμερίσματα 100 μ2. Τηλ. 525-640.

ΕΝΟΙΚΙΑΖΕΤΑΙ	διαμέρισμα επιπλωμένο. Τηλ. 773-264.

ΠΑΝΟΡΑΜΑ ενοικιάζεται βίλα. Τηλ. 325-940.

ΕΝΟΙΚΙΑΖΕΤΑΙ γραφείο 20 μ2. Τηλ. 290-262.

ΟΙΚΟΠΕΔΟ 5.000 μ2 ενοικιάζεται. Τηλ. 231-713.

ΕΝΟΙΚΙΑΖΕΤΑΙ κατάστημα 210 μ2. Τηλ. 542-272.

ΕΝΟΙΚΙΑΖΕΤΑΙ διαμέρισμα 3 δωμάτια. Τηλ. 235-073.

ΔΥΟ καταστήματα 70 μ2. Τηλ. 414-567.

ΕΝΟΙΚΙΑΖΟΝΤΑΙ γραφεία. Τηλ. 224-648.

ΕΠΙΠΛΩΜΕΝΟ και μη διαμέρισμα. Τηλ. 524-651.

ΟΙΚΟΔΟΜΙΚΗ	επιχείρηση ενοικιάζει. Τηλ. 514-332.

ΕΝΟΙΚΙΑΖΕΤΑΙ κατάστημα. Τηλ. 212-202.

ΕΝΟΙΚΙΑΖΟΝΤΑΙ	δύο καταστήματα. Τηλ. 276-700.

ΕΝΟΙΚΙΑΖΕΤΑΙ κατάστημα 110 μ2. Τηλ. 237-959.

ΓΡΑΦΕΙΑ ενοικιάζονται. Τηλ. 200-145.

ΣΑΡΑΝΤΑ Εκκλησιές διαμέρισμα. Τηλ. 271-269.

ΕΝΟΙΚΙΑΖΕΤΑΙ κατάστημα στη Βασ. Όλγας. Τηλ. 271-269.

ΕΝΟΙΚΙΑΖΕΤΑΙ μονοκατοικία. Τηλ. 765-077.

ΕΝΟΙΚΙΑΖΟΝΤΑΙ καταστήματα 175 μ2. Τηλ. 301-301.

ΠΑΝΟΡΑΜΑ ενοικιάζεται βίλλα 240 μ2. Τηλ. 704-83.

ΕΝΟΙΚΙΑΖΕΤΑΙ διαμέρισμα 3 δωματίων, σαλόνι, χώλ, κουζίνα, λουτρό. Τηλ. 943-904.

ΕΝΟΙΚΙΑΖΕΤΑΙ βοτανικός ισόγειο στην Καλαμαριά. Τηλ. 427-225.

ΕΝΟΙΚΙΑΖΕΤΑΙ επί της Εγνατίας γραφείο. Τηλ. 510-683.

ΕΝΟΙΚΙΑΖΕΤΑΙ διαμέρισμα 3 δωματίων. Τηλ. 664-651.

ΕΝΟΙΚΙΑΖΕΤΑΙ κτίριο γραφείων μέχρι 4 διαμερίσματα. Τηλ. 428-524.

ΕΝΟΙΚΙΑΖΕΤΑΙ διαμέρισμα 2 ΔΣΚ. Τηλ. 527-857.

ΕΝΟΙΚΙΑΖΕΤΑΙ διαμέρισμα στην Καλαμαριά. Τηλ. 716-855.

ΖΗΤΕΙΤΑΙ	για ενοικίαση διαμέρισμα. Τηλ. 751-855.

ΕΝΟΙΚΙΑΖΕΤΑΙ διαμέρισμα 50 μ2. Τηλ. 820-552.

ΕΝΟΙΚΙΑΖΕΤΑΙ κατάστημα 300 μ2. Τηλ. 300-510.

ΕΝΟΙΚΙΑΖΕΤΑΙ στο Πανόραμα διαμέρισμα. Τηλ. 836-832.

ΕΝΟΙΚΙΑΖΕΤΑΙ διαμέρισμα 6 δωματίων. Τηλ. 527-524.

ΕΝΟΙΚΙΑΖΕΤΑΙ στην Τούμπα. Τηλ. 617-760.

ΕΝΟΙΚΙΑΖΕΤΑΙ κατάστημα 33 τ.μ. Τηλ. 842-232.

ΕΝΟΙΚΙΑΖΕΤΑΙ μαγαζί 45 μ2. Τηλ. 417-406.

ΕΝΟΙΚΙΑΖΕΤΑΙ διαμέρισμα στο Ντεπώ. Τηλ. 831-831.

ΕΝΟΙΚΙΑΖΕΤΑΙ διαμέρισμα 65 τ.μ. Τηλ. 836-774.

ΕΝΟΙΚΙΑΖΕΤΑΙ κτίριο γραφείων. Τηλ. 236-064.

ΚΑΦΕΤΕΡΙΑ ενοικιάζεται. Τηλ. 844-349.

ΚΑΦΗΓΗΤΡΙΑ ενοικιάζεται. Τηλ. 238-630.

ΕΝΟΙΚΙΑΖΕΤΑΙ διαμέρισμα 2.300 τ.μ. Τηλ. 228-904.

ΕΝΟΙΚΙΑΖΕΤΑΙ γραφεία. Τηλ. 426-030.

ΕΝΟΙΚΙΑΖΕΤΑΙ	διαμέρισμα επιπλωμένο. Τηλ. 231-206.

ΕΝΟΙΚΙΑΖΕΤΑΙ δωμάτιο σε φοιτητή. Τηλ. 620-931.

ΕΝΟΙΚΙΑΖΕΤΑΙ χώρος 140 μ2. Τηλ. 260-748.

ΕΝΟΙΚΙΑΖΕΤΑΙ δωμάτιο. Τηλ. 816-240.

ΕΝΟΙΚΙΑΖΕΤΑΙ διαμέρισμα 120 μ2. Τηλ. 544-074.

ΕΝΟΙΚΙΑΖΕΤΑΙ διαμέρισμα 3ΔΣΤ. Τηλ. 842-232.

ΕΝΟΙΚΙΑΖΕΤΑΙ οικόπεδο. Τηλ. 543-204.

ΒΙΟΜΗΧΑΝΙΑ ενοικιάζεται. Τηλ. 421-240.

ΕΝΟΙΚΙΑΖΕΤΑΙ σπίτι. Τηλ. 412-599.

ΕΠΙΠΛΩΜΕΝΟ διαμέρισμα. Τηλ. 231-554.

ΕΝΟΙΚΙΑΖΕΤΑΙ διαμέρισμα. Τηλ. 266-081.

ΕΝΟΙΚΙΑΖΕΤΑΙ σπίτι. Τηλ. 421-590.

ΠΑΝΟΡΑΜΑ ενοικιάζεται οικία. Τηλ. 845-843.

ΕΝΟΙΚΙΑΖΕΤΑΙ διαμέρισμα 3 ΔΣΤΚ. Τηλ. 235-073.

ΑΣΦΑΛΤΑ Αγ. Σοφίας. Τηλ. 222-642.

ΕΝΟΙΚΙΑΖΕΤΑΙ διαμέρισμα. Τηλ. 240-241.

ΕΝΟΙΚΙΑΖΕΤΑΙ κατάστημα. Τηλ. 282-282.

ΕΝΟΙΚΙΑΖΟΝΤΑΙ σπίτια. Τηλ. 235-073.

ΕΝΟΙΚΙΑΖΕΤΑΙ διαμέρισμα λουξ. Τηλ. 268-538, 824-236.

ΕΝΟΙΚΙΑΖΕΤΑΙ διαμέρισμα. Τηλ. 209-781.

ΠΡΟΣΦΟΡΑ ΕΡΓΑΣΙΑΣ

ΖΗΤΟΥΝΤΑΙ	κυρίες και δεσποινίδες για εργασία σε γραφείο. Τηλ. 533-512.

ΖΗΤΕΙΤΑΙ πωλήτρια. Τηλ. 269-895.

ΑΝ είστε παντρεμένες γυναίκες. Τηλ. 831-825.

ΚΟΠΤΡΙΑ πεπειραμένη στο γυναικείο. Τηλ. 620-206.

ΠΡΟΣΦΕΡΕΤΑΙ εργασία. Τηλ. 835-831.

PROTECTION Control Εταιρεία φύλαξης ζητά προσωπικό. Τηλ. 850-715.

ΖΗΤΕΙΤΑΙ κυρία. Τηλ. 231-527.

ΖΗΤΟΥΝΤΑΙ νέοι και νέες. Τηλ. 231-527.

ΠΕΝΤΕ δυναμικοί συνεργάτες ζητούνται. Τηλ. 543-231.

ΠΑΡΑ της ΕΒΙΕΝ ζητούνται. Τηλ. 261-266.

ΜΑΘΑΙΝΕΤΕ τις τέχνες τις διάφορες. Τηλ. 620-224.

ΝΕΕΣ Για εργασία. Τηλ. 617-266.

ΜΕΓΑΛΗ εταιρεία ζητεί. Τηλ. 617-252.

ΓΑΣΤΡΗΣ Γερμανική εταιρεία ζητά. Τηλ. 617-266.

ΠΑΡΑ της Βιομηχανίας. Τηλ. 841-234.

ΖΗΤΟΥΝΤΑΙ παρά στρατεύση. Τηλ. 827-804.

ΠΑΡΑ στις «Ταινία» εργασία. Τηλ. 267-301.

ΖΗΤΕΙΤΑΙ νέα κυρία. Τηλ. 228-633.

ΜΑΘΕ γραφομηχανή. Τηλ. 251-256.

ΠΑΡΑ Ομογένεια ζητούνται. Τηλ. 840-235.

ΖΗΤΕΙΤΑΙ υπάλληλος. Τηλ. 282-636.

ΖΗΤΟΥΝΤΑΙ γυναίκες. Τηλ. 523-506.

FORECENER ζητά. Τηλ. 268-207.

ΝΕΟΙ και νέες. Τηλ. 220-808.

ΖΗΤΕΙΤΑΙ υπάλληλος. Τηλ. 281-245.

ΖΗΤΟΥΝΤΑΙ νέες. Τηλ. 256-830.

ΖΗΤΕΙΤΑΙ σερβιτόρα. Τηλ. 230-843.

ΠΑΡΑ ζητούνται. Τηλ. 832-520.

ΖΗΤΟΥΝΤΑΙ κορίτσια. Τηλ. 522-530.

ΖΗΤΕΙΤΑΙ κοπέλα. Τηλ. 426-525.

ΖΗΤΟΥΝΤΑΙ εργάτες. Τηλ. 265-300.

ΤΟ εργοστάσιο ζητεί. Τηλ. 269-895.

ΖΗΤΕΙΤΑΙ διανομέας. Τηλ. 281-527.

ΖΗΤΕΙΤΑΙ πωλητής. Τηλ. 269-895.

ΠΑΡΑ στο Ιδρυμα. Τηλ. 231-527.

ΖΗΤΟΥΝΤΑΙ εργάτριες. Τηλ. 522-530.

ΖΗΤΕΙΤΑΙ νοσοκόμα. Τηλ. 268-207.

ΠΑΡΑ ζητείται. Τηλ. 831-825.

ΠΡΟΣΦΕΡΕΤΑΙ εργασία. Τηλ. 820-825.

ΖΗΤΟΥΝΤΑΙ νέοι. Τηλ. 256-830.

ΖΗΤΕΙΤΑΙ κυρία. Τηλ. 281-245.

ΣΥΝΕΧΕΙΑ ΣΤΗΝ ΣΕΛ.
